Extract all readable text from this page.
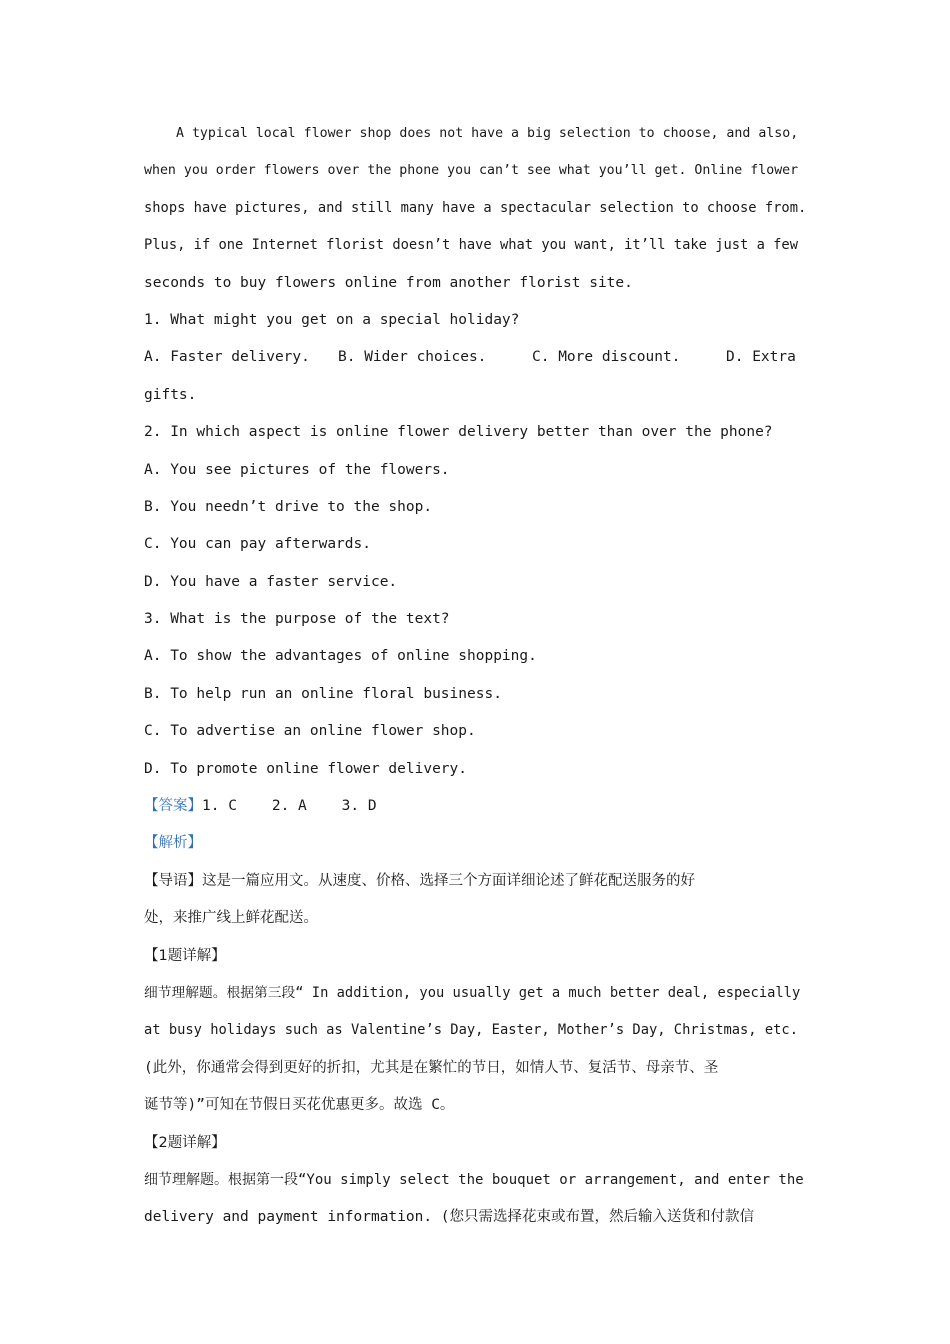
A typical local flower shop does not have a big selection to choose, and also,
when you order flowers over the phone you can’t see what you’ll get. Online flower
shops have pictures, and still many have a spectacular selection to choose from.
Plus, if one Internet florist doesn’t have what you want, it’ll take just a few
seconds to buy flowers online from another florist site.
1. What might you get on a special holiday?
A. Faster delivery.	B. Wider choices.	C. More discount.	D. Extra
gifts.
2. In which aspect is online flower delivery better than over the phone?
A. You see pictures of the flowers.
B. You needn’t drive to the shop.
C. You can pay afterwards.
D. You have a faster service.
3. What is the purpose of the text?
A. To show the advantages of online shopping.
B. To help run an online floral business.
C. To advertise an online flower shop.
D. To promote online flower delivery.
【答案】1. C    2. A    3. D
【解析】
【导语】这是一篇应用文。从速度、价格、选择三个方面详细论述了鲜花配送服务的好
处，来推广线上鲜花配送。
【1题详解】
细节理解题。根据第三段“ In addition, you usually get a much better deal, especially
at busy holidays such as Valentine’s Day, Easter, Mother’s Day, Christmas, etc.
(此外，你通常会得到更好的折扣，尤其是在繁忙的节日，如情人节、复活节、母亲节、圣
诞节等)”可知在节假日买花优惠更多。故选 C。
【2题详解】
细节理解题。根据第一段“You simply select the bouquet or arrangement, and enter the
delivery and payment information. (您只需选择花束或布置，然后输入送货和付款信
